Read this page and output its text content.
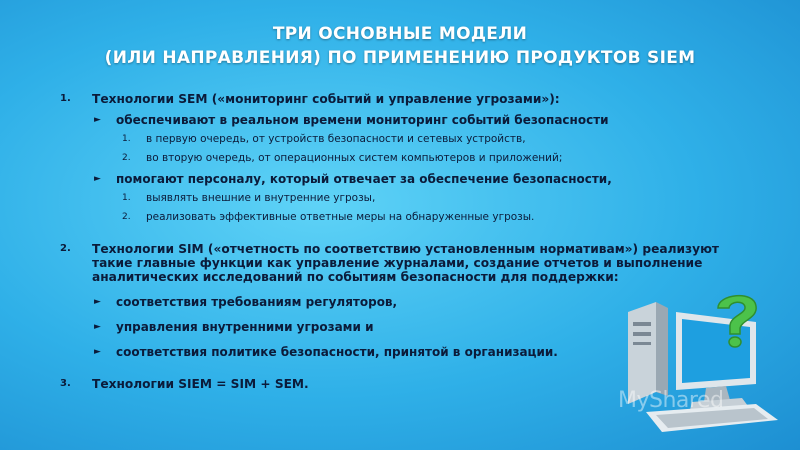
ТРИ ОСНОВНЫЕ МОДЕЛИ
(ИЛИ НАПРАВЛЕНИЯ) ПО ПРИМЕНЕНИЮ ПРОДУКТОВ SIEM
1. Технологии SEM («мониторинг событий и управление угрозами»):
► обеспечивают в реальном времени мониторинг событий безопасности
1. в первую очередь, от устройств безопасности и сетевых устройств,
2. во вторую очередь, от операционных систем компьютеров и приложений;
► помогают персоналу, который отвечает за обеспечение безопасности,
1. выявлять внешние и внутренние угрозы,
2. реализовать эффективные ответные меры на обнаруженные угрозы.
2. Технологии SIM («отчетность по соответствию установленным нормативам») реализуют такие главные функции как управление журналами, создание отчетов и выполнение аналитических исследований по событиям безопасности для поддержки:
► соответствия требованиям регуляторов,
► управления внутренними угрозами и
► соответствия политике безопасности, принятой в организации.
3. Технологии SIEM = SIM + SEM.
MyShared
